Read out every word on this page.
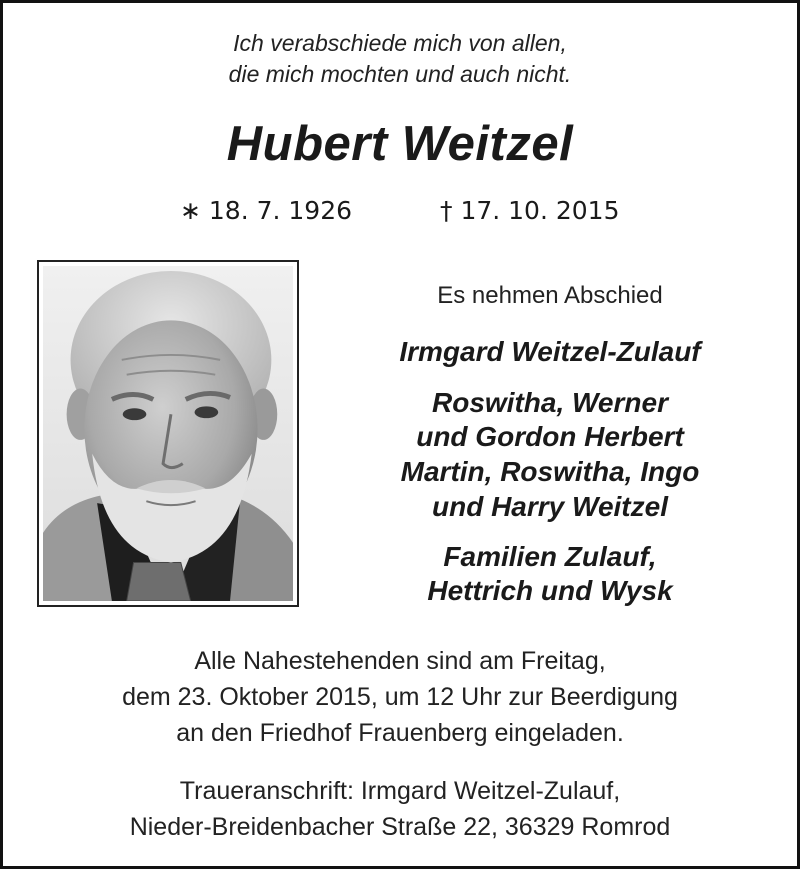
Ich verabschiede mich von allen,
die mich mochten und auch nicht.
Hubert Weitzel
∗ 18. 7. 1926	† 17. 10. 2015
Es nehmen Abschied
Irmgard Weitzel-Zulauf
Roswitha, Werner
und Gordon Herbert
Martin, Roswitha, Ingo
und Harry Weitzel
Familien Zulauf,
Hettrich und Wysk
Alle Nahestehenden sind am Freitag,
dem 23. Oktober 2015, um 12 Uhr zur Beerdigung
an den Friedhof Frauenberg eingeladen.
Traueranschrift: Irmgard Weitzel-Zulauf,
Nieder-Breidenbacher Straße 22, 36329 Romrod
